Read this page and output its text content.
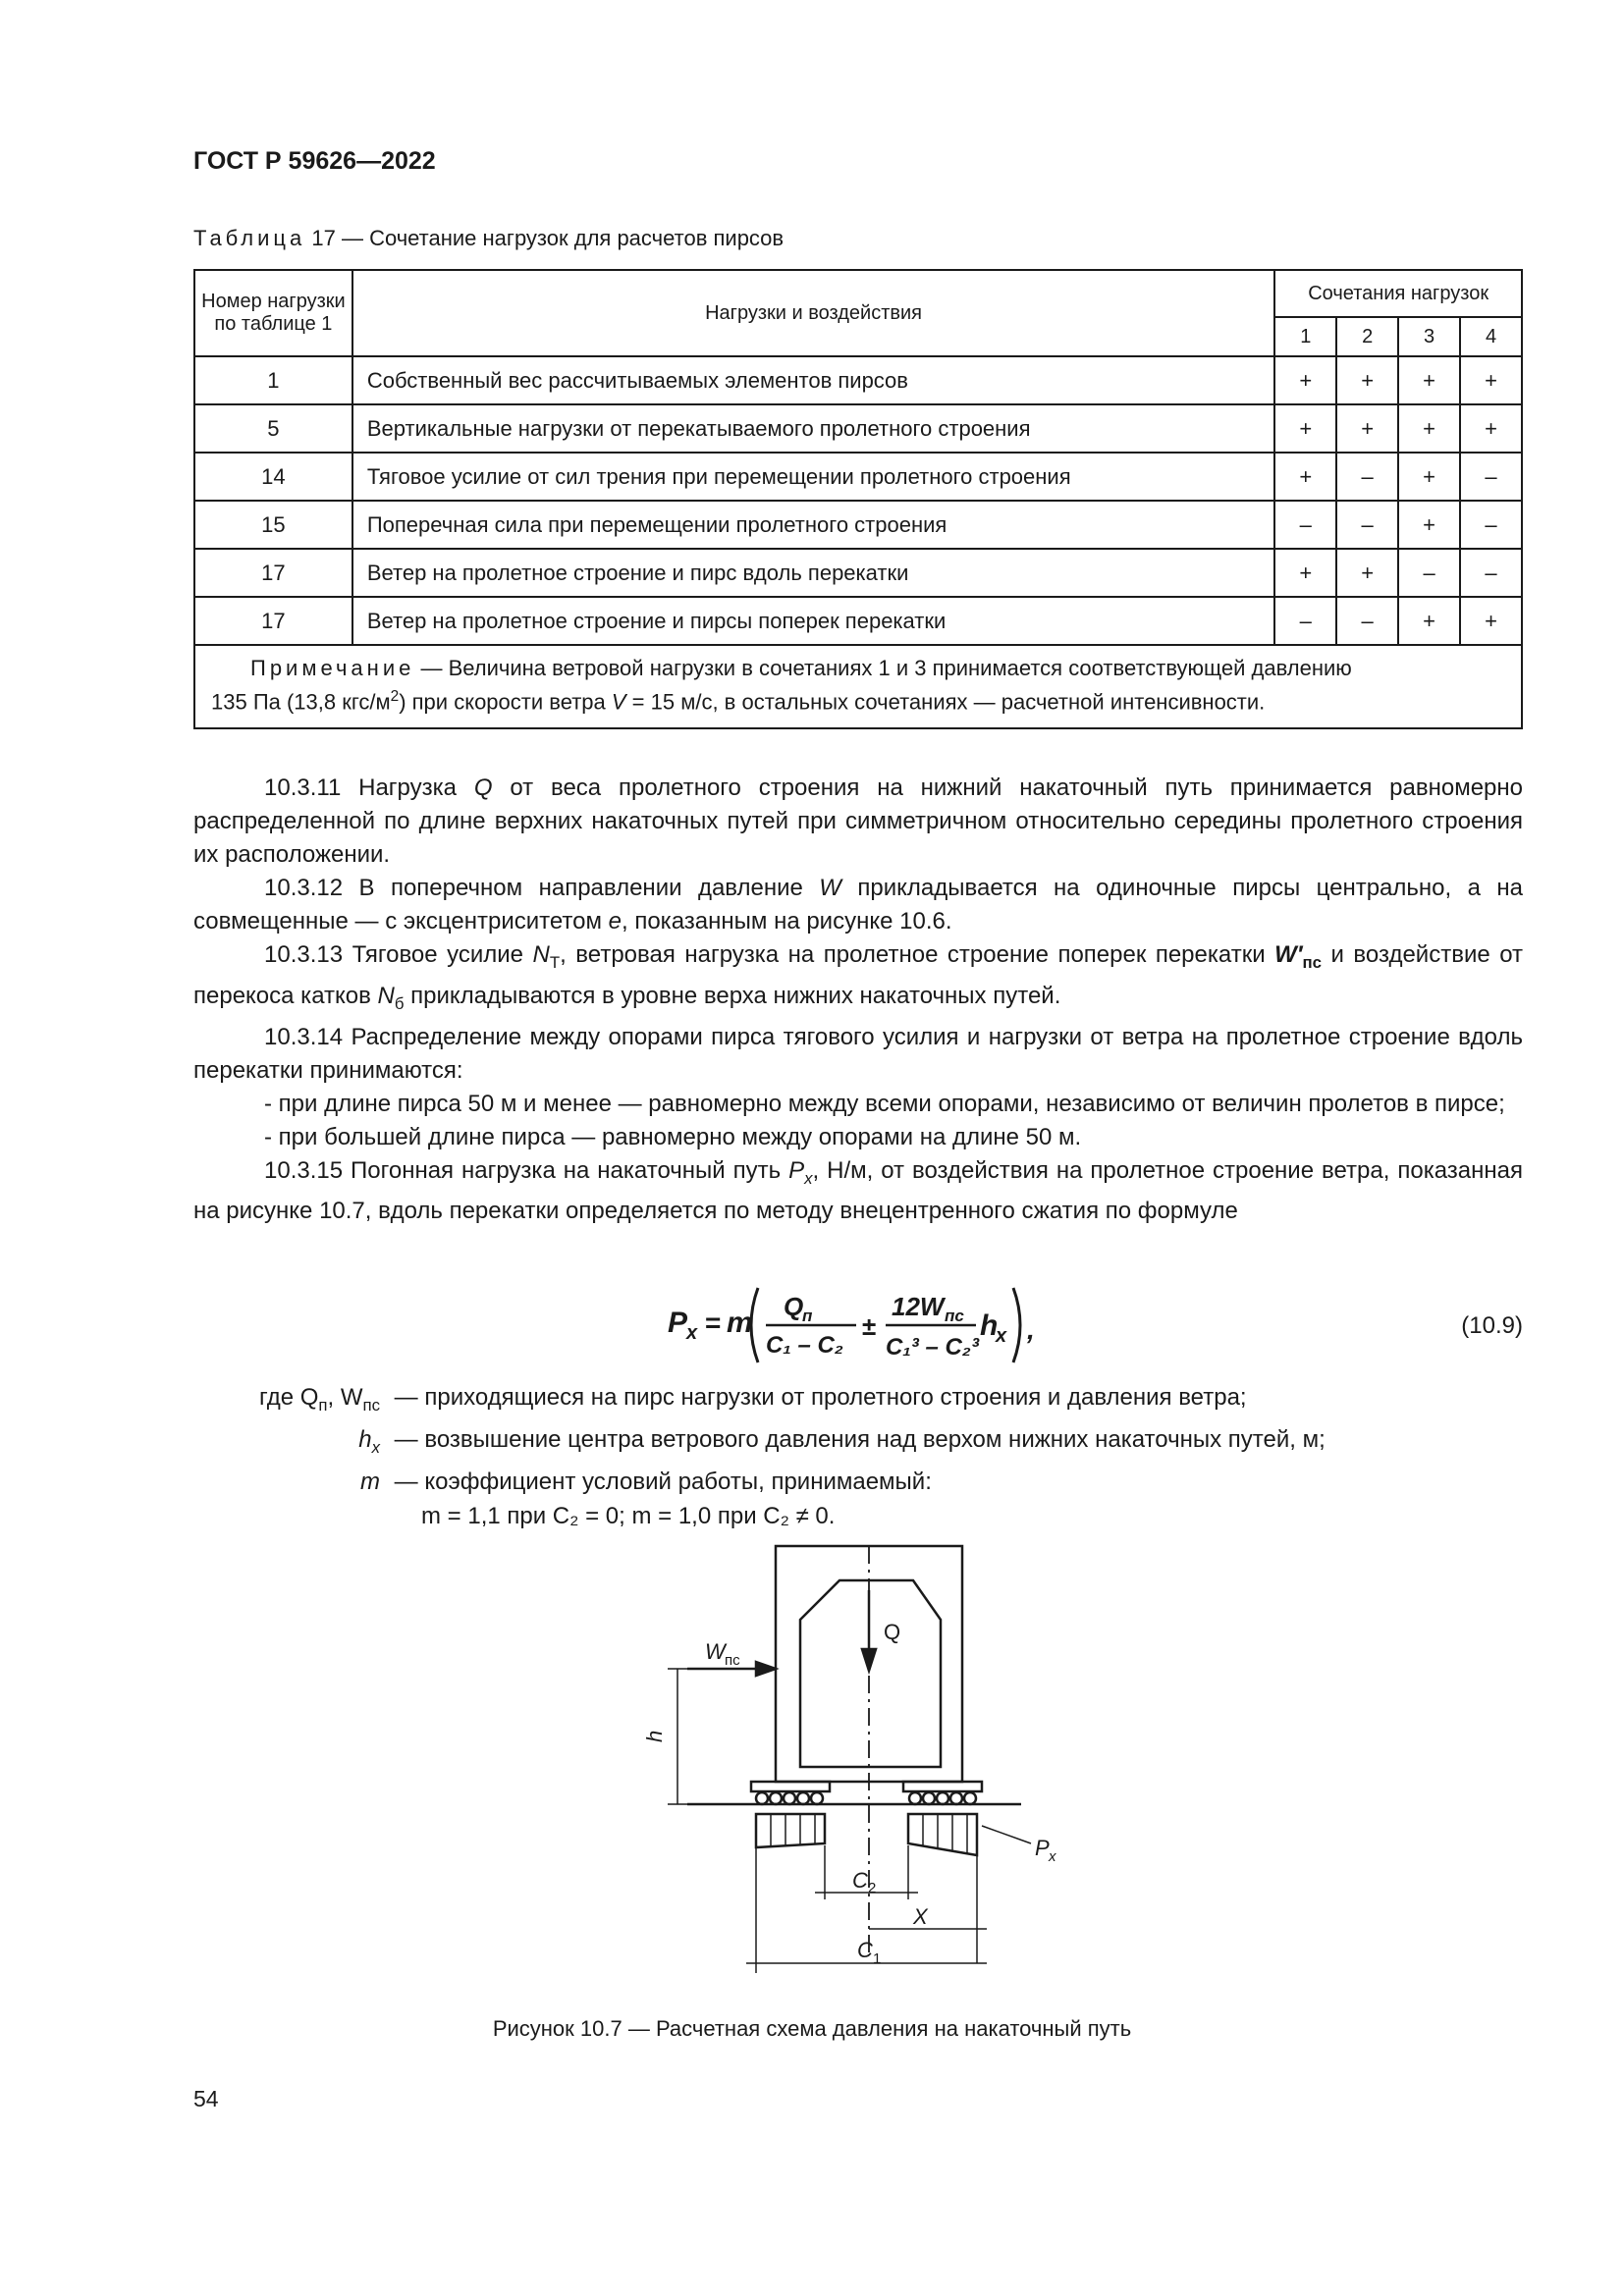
ГОСТ Р 59626—2022
Таблица 17 — Сочетание нагрузок для расчетов пирсов
Номер нагрузки по таблице 1	Нагрузки и воздействия	Сочетания нагрузок			
		1	2	3	4
1	Собственный вес рассчитываемых элементов пирсов	+	+	+	+
5	Вертикальные нагрузки от перекатываемого пролетного строения	+	+	+	+
14	Тяговое усилие от сил трения при перемещении пролетного строения	+	–	+	–
15	Поперечная сила при перемещении пролетного строения	–	–	+	–
17	Ветер на пролетное строение и пирс вдоль перекатки	+	+	–	–
17	Ветер на пролетное строение и пирсы поперек перекатки	–	–	+	+

Примечание — Величина ветровой нагрузки в сочетаниях 1 и 3 принимается соответствующей давлению
135 Па (13,8 кгс/$м^2$) при скорости ветра V = 15 м/с, в остальных сочетаниях — расчетной интенсивности.					

10.3.11 Нагрузка Q от веса пролетного строения на нижний накаточный путь принимается равномерно распределенной по длине верхних накаточных путей при симметричном относительно середины пролетного строения их расположении.

10.3.12 В поперечном направлении давление W прикладывается на одиночные пирсы центрально, а на совмещенные — с эксцентриситетом e, показанным на рисунке 10.6.

10.3.13 Тяговое усилие $N_T$, ветровая нагрузка на пролетное строение поперек перекатки $W'_{пс}$ и воздействие от перекоса катков $N_б$ прикладываются в уровне верха нижних накаточных путей.

10.3.14 Распределение между опорами пирса тягового усилия и нагрузки от ветра на пролетное строение вдоль перекатки принимаются:

- при длине пирса 50 м и менее — равномерно между всеми опорами, независимо от величин пролетов в пирсе;

- при большей длине пирса — равномерно между опорами на длине 50 м.

10.3.15 Погонная нагрузка на накаточный путь $P_x$, Н/м, от воздействия на пролетное строение ветра, показанная на рисунке 10.7, вдоль перекатки определяется по методу внецентренного сжатия по формуле

P
x = m Q
п
C₁ – C₂
±
12W пс
C₁³ – C₂³
h
x ,	(10.9)
где $Q_п$, $W_{пс}$ — приходящиеся на пирс нагрузки от пролетного строения и давления ветра;
$h_x$ — возвышение центра ветрового давления над верхом нижних накаточных путей, м;
m — коэффициент условий работы, принимаемый:
m = 1,1 при C₂ = 0; m = 1,0 при C₂ ≠ 0.
Q
W пс
h
P x
C 2
X
C 1
Рисунок 10.7 — Расчетная схема давления на накаточный путь
54
